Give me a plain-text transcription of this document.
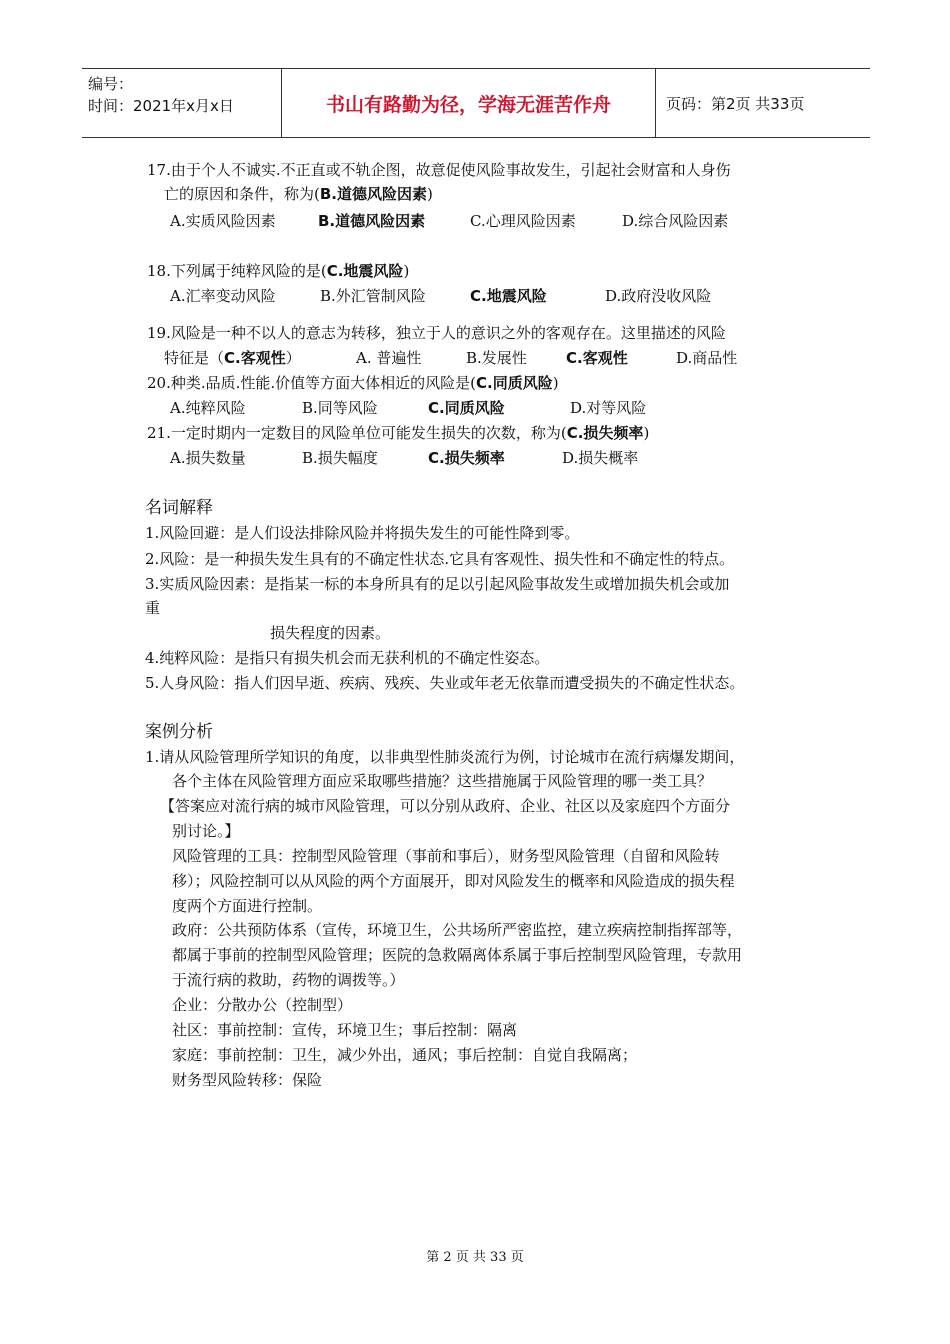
编号：
时间：2021年x月x日	书山有路勤为径，学海无涯苦作舟	页码：第2页 共33页
17.由于个人不诚实.不正直或不轨企图，故意促使风险事故发生，引起社会财富和人身伤
亡的原因和条件，称为(B.道德风险因素)
A.实质风险因素	B.道德风险因素	C.心理风险因素	D.综合风险因素
18.下列属于纯粹风险的是(C.地震风险)
A.汇率变动风险	B.外汇管制风险	C.地震风险	D.政府没收风险
19.风险是一种不以人的意志为转移，独立于人的意识之外的客观存在。这里描述的风险
特征是（C.客观性）	A. 普遍性	B.发展性	C.客观性	D.商品性
20.种类.品质.性能.价值等方面大体相近的风险是(C.同质风险)
A.纯粹风险	B.同等风险	C.同质风险	D.对等风险
21.一定时期内一定数目的风险单位可能发生损失的次数，称为(C.损失频率)
A.损失数量	B.损失幅度	C.损失频率	D.损失概率
名词解释
1.风险回避：是人们设法排除风险并将损失发生的可能性降到零。
2.风险：是一种损失发生具有的不确定性状态.它具有客观性、损失性和不确定性的特点。
3.实质风险因素：是指某一标的本身所具有的足以引起风险事故发生或增加损失机会或加
重
损失程度的因素。
4.纯粹风险：是指只有损失机会而无获利机的不确定性姿态。
5.人身风险：指人们因早逝、疾病、残疾、失业或年老无依靠而遭受损失的不确定性状态。
案例分析
1.请从风险管理所学知识的角度，以非典型性肺炎流行为例，讨论城市在流行病爆发期间，
各个主体在风险管理方面应采取哪些措施？这些措施属于风险管理的哪一类工具？
【答案应对流行病的城市风险管理，可以分别从政府、企业、社区以及家庭四个方面分
别讨论。】
风险管理的工具：控制型风险管理（事前和事后），财务型风险管理（自留和风险转
移）；风险控制可以从风险的两个方面展开，即对风险发生的概率和风险造成的损失程
度两个方面进行控制。
政府：公共预防体系（宣传，环境卫生，公共场所严密监控，建立疾病控制指挥部等，
都属于事前的控制型风险管理；医院的急救隔离体系属于事后控制型风险管理，专款用
于流行病的救助，药物的调拨等。）
企业：分散办公（控制型）
社区：事前控制：宣传，环境卫生；事后控制：隔离
家庭：事前控制：卫生，减少外出，通风；事后控制：自觉自我隔离；
财务型风险转移：保险
第 2 页 共 33 页
